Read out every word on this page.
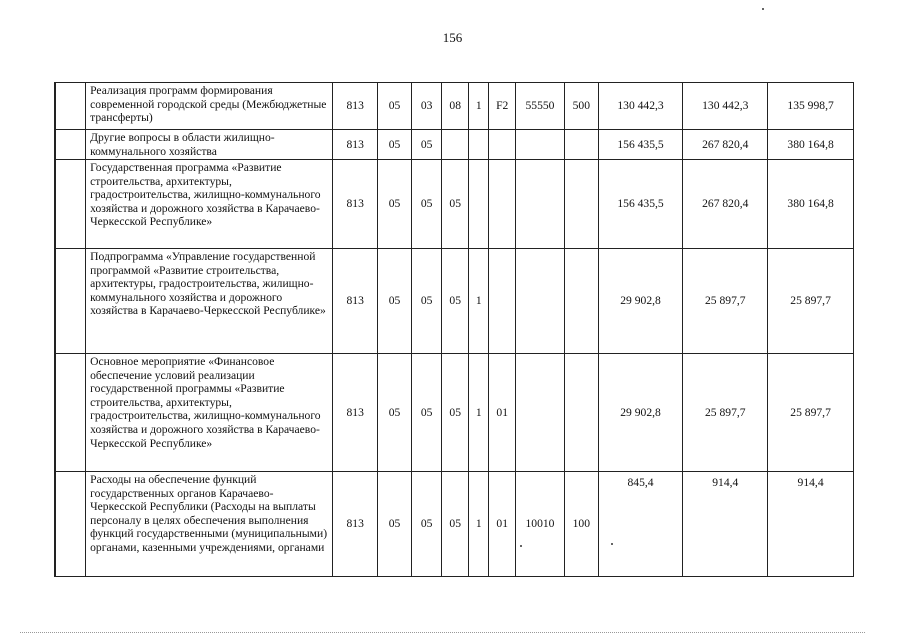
156
	Реализация программ формирования современной городской среды (Межбюджетные трансферты)	813	05	03	08	1	F2	55550	500	130 442,3	130 442,3	135 998,7
	Другие вопросы в области жилищно-коммунального хозяйства	813	05	05						156 435,5	267 820,4	380 164,8
	Государственная программа «Развитие строительства, архитектуры, градостроительства, жилищно-коммунального хозяйства и дорожного хозяйства в Карачаево-Черкесской Республике»	813	05	05	05					156 435,5	267 820,4	380 164,8
	Подпрограмма «Управление государственной программой «Развитие строительства, архитектуры, градостроительства, жилищно-коммунального хозяйства и дорожного хозяйства в Карачаево-Черкесской Республике»	813	05	05	05	1				29 902,8	25 897,7	25 897,7
	Основное мероприятие «Финансовое обеспечение условий реализации государственной программы «Развитие строительства, архитектуры, градостроительства, жилищно-коммунального хозяйства и дорожного хозяйства в Карачаево-Черкесской Республике»	813	05	05	05	1	01			29 902,8	25 897,7	25 897,7
	Расходы на обеспечение функций государственных органов Карачаево-Черкесской Республики (Расходы на выплаты персоналу в целях обеспечения выполнения функций государственными (муниципальными) органами, казенными учреждениями, органами	813	05	05	05	1	01	10010	100	845,4	914,4	914,4
